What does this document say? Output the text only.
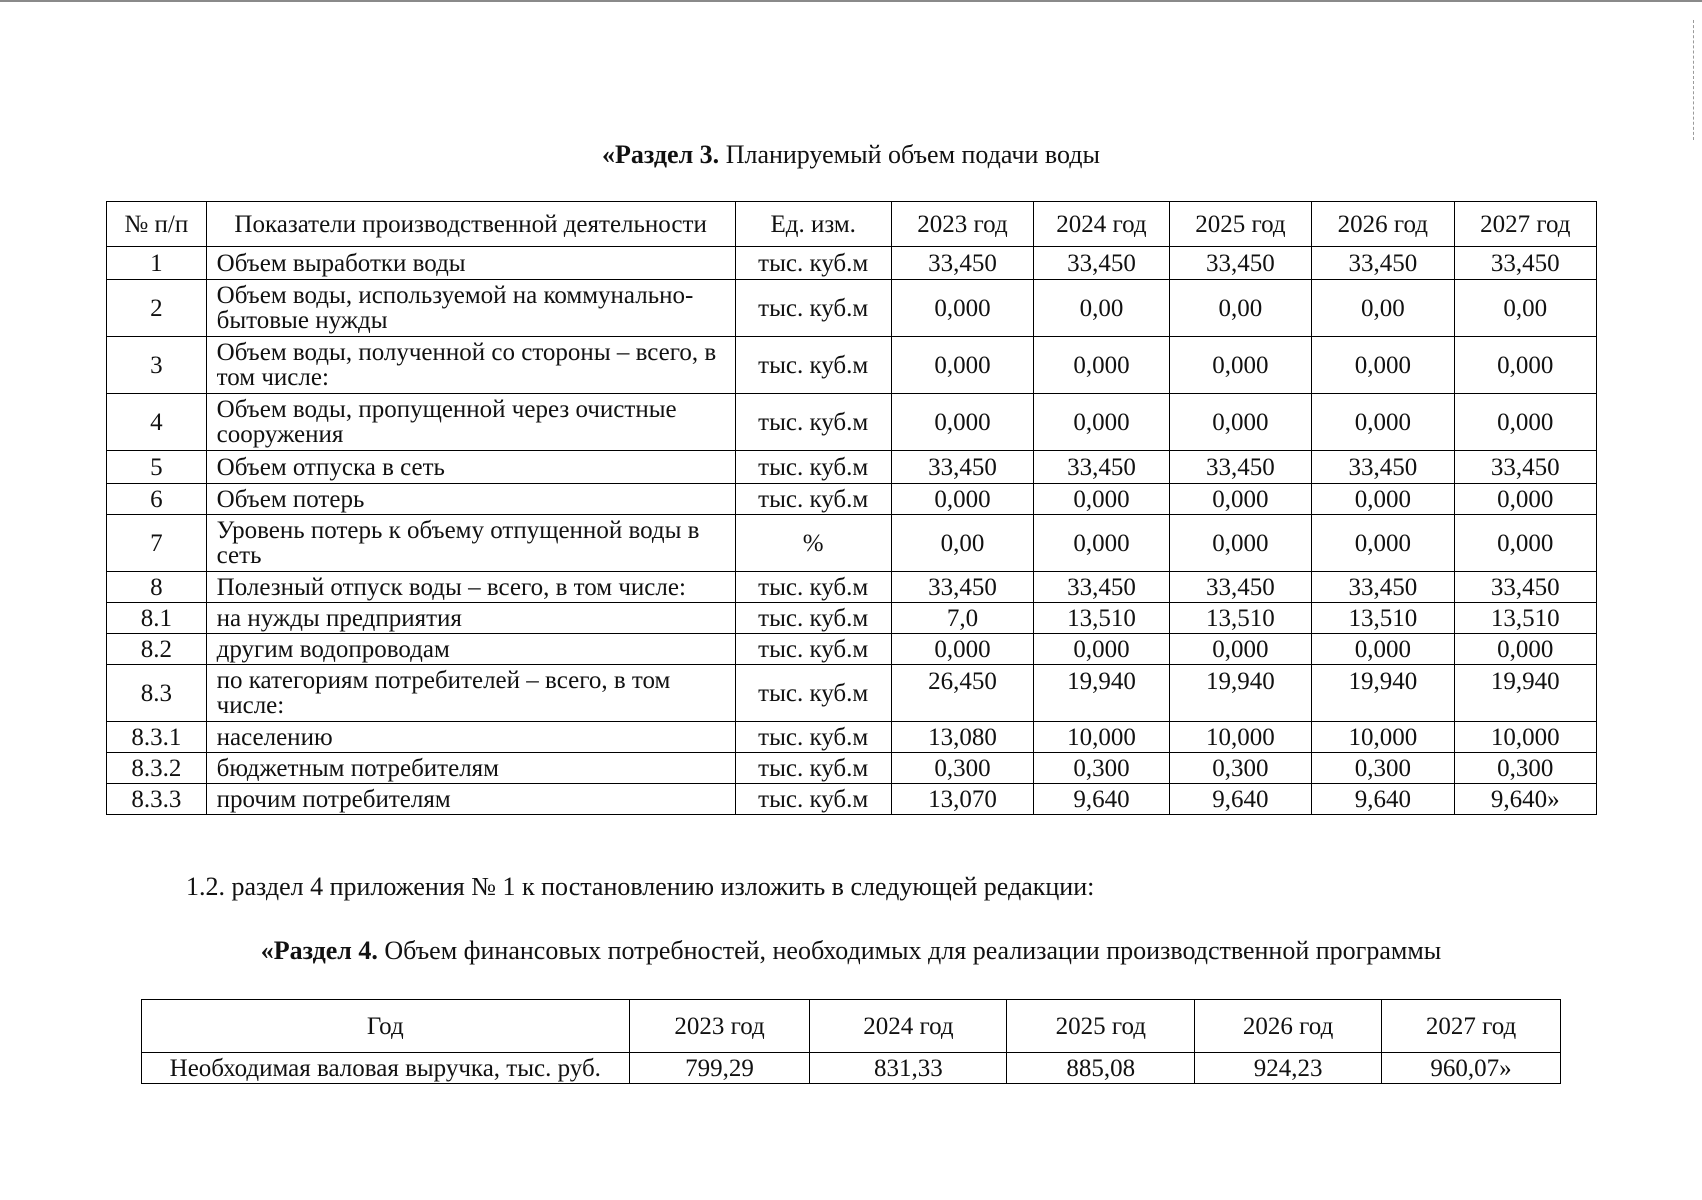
«Раздел 3. Планируемый объем подачи воды
№ п/п	Показатели производственной деятельности	Ед. изм.	2023 год	2024 год	2025 год	2026 год	2027 год
1	Объем выработки воды	тыс. куб.м	33,450	33,450	33,450	33,450	33,450
2	Объем воды, используемой на коммунально-бытовые нужды	тыс. куб.м	0,000	0,00	0,00	0,00	0,00
3	Объем воды, полученной со стороны – всего, в том числе:	тыс. куб.м	0,000	0,000	0,000	0,000	0,000
4	Объем воды, пропущенной через очистные сооружения	тыс. куб.м	0,000	0,000	0,000	0,000	0,000
5	Объем отпуска в сеть	тыс. куб.м	33,450	33,450	33,450	33,450	33,450
6	Объем потерь	тыс. куб.м	0,000	0,000	0,000	0,000	0,000
7	Уровень потерь к объему отпущенной воды в сеть	%	0,00	0,000	0,000	0,000	0,000
8	Полезный отпуск воды – всего, в том числе:	тыс. куб.м	33,450	33,450	33,450	33,450	33,450
8.1	на нужды предприятия	тыс. куб.м	7,0	13,510	13,510	13,510	13,510
8.2	другим водопроводам	тыс. куб.м	0,000	0,000	0,000	0,000	0,000
8.3	по категориям потребителей – всего, в том числе:	тыс. куб.м	26,450	19,940	19,940	19,940	19,940
8.3.1	населению	тыс. куб.м	13,080	10,000	10,000	10,000	10,000
8.3.2	бюджетным потребителям	тыс. куб.м	0,300	0,300	0,300	0,300	0,300
8.3.3	прочим потребителям	тыс. куб.м	13,070	9,640	9,640	9,640	9,640»
1.2. раздел 4 приложения № 1 к постановлению изложить в следующей редакции:
«Раздел 4. Объем финансовых потребностей, необходимых для реализации производственной программы
Год	2023 год	2024 год	2025 год	2026 год	2027 год
Необходимая валовая выручка, тыс. руб.	799,29	831,33	885,08	924,23	960,07»
